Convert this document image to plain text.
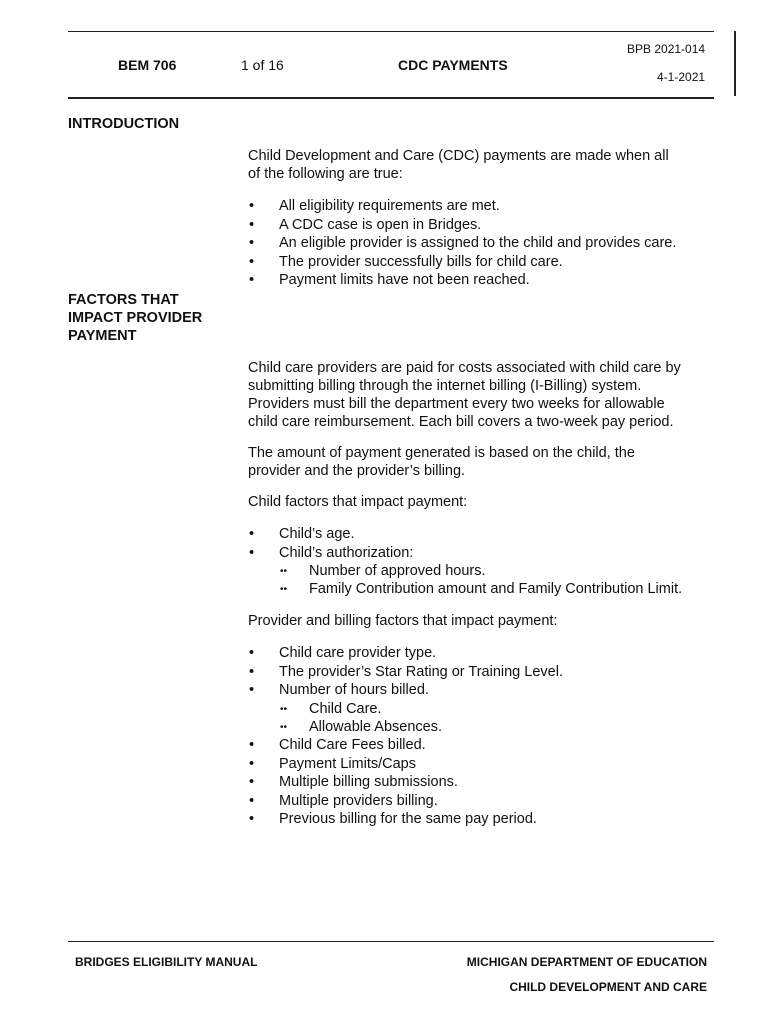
BEM 706	1 of 16	CDC PAYMENTS
BPB 2021-014
4-1-2021
INTRODUCTION
FACTORS THAT
IMPACT PROVIDER
PAYMENT

Child Development and Care (CDC) payments are made when all

of the following are true:

• All eligibility requirements are met.
• A CDC case is open in Bridges.
• An eligible provider is assigned to the child and provides care.
• The provider successfully bills for child care.
• Payment limits have not been reached.

Child care providers are paid for costs associated with child care by

submitting billing through the internet billing (I-Billing) system.

Providers must bill the department every two weeks for allowable

child care reimbursement. Each bill covers a two-week pay period.

The amount of payment generated is based on the child, the

provider and the provider’s billing.

Child factors that impact payment:

• Child’s age.
• Child’s authorization:
•• Number of approved hours.
•• Family Contribution amount and Family Contribution Limit.

Provider and billing factors that impact payment:

• Child care provider type.
• The provider’s Star Rating or Training Level.
• Number of hours billed.
•• Child Care.
•• Allowable Absences.
• Child Care Fees billed.
• Payment Limits/Caps
• Multiple billing submissions.
• Multiple providers billing.
• Previous billing for the same pay period.
BRIDGES ELIGIBILITY MANUAL	MICHIGAN DEPARTMENT OF EDUCATION
CHILD DEVELOPMENT AND CARE
